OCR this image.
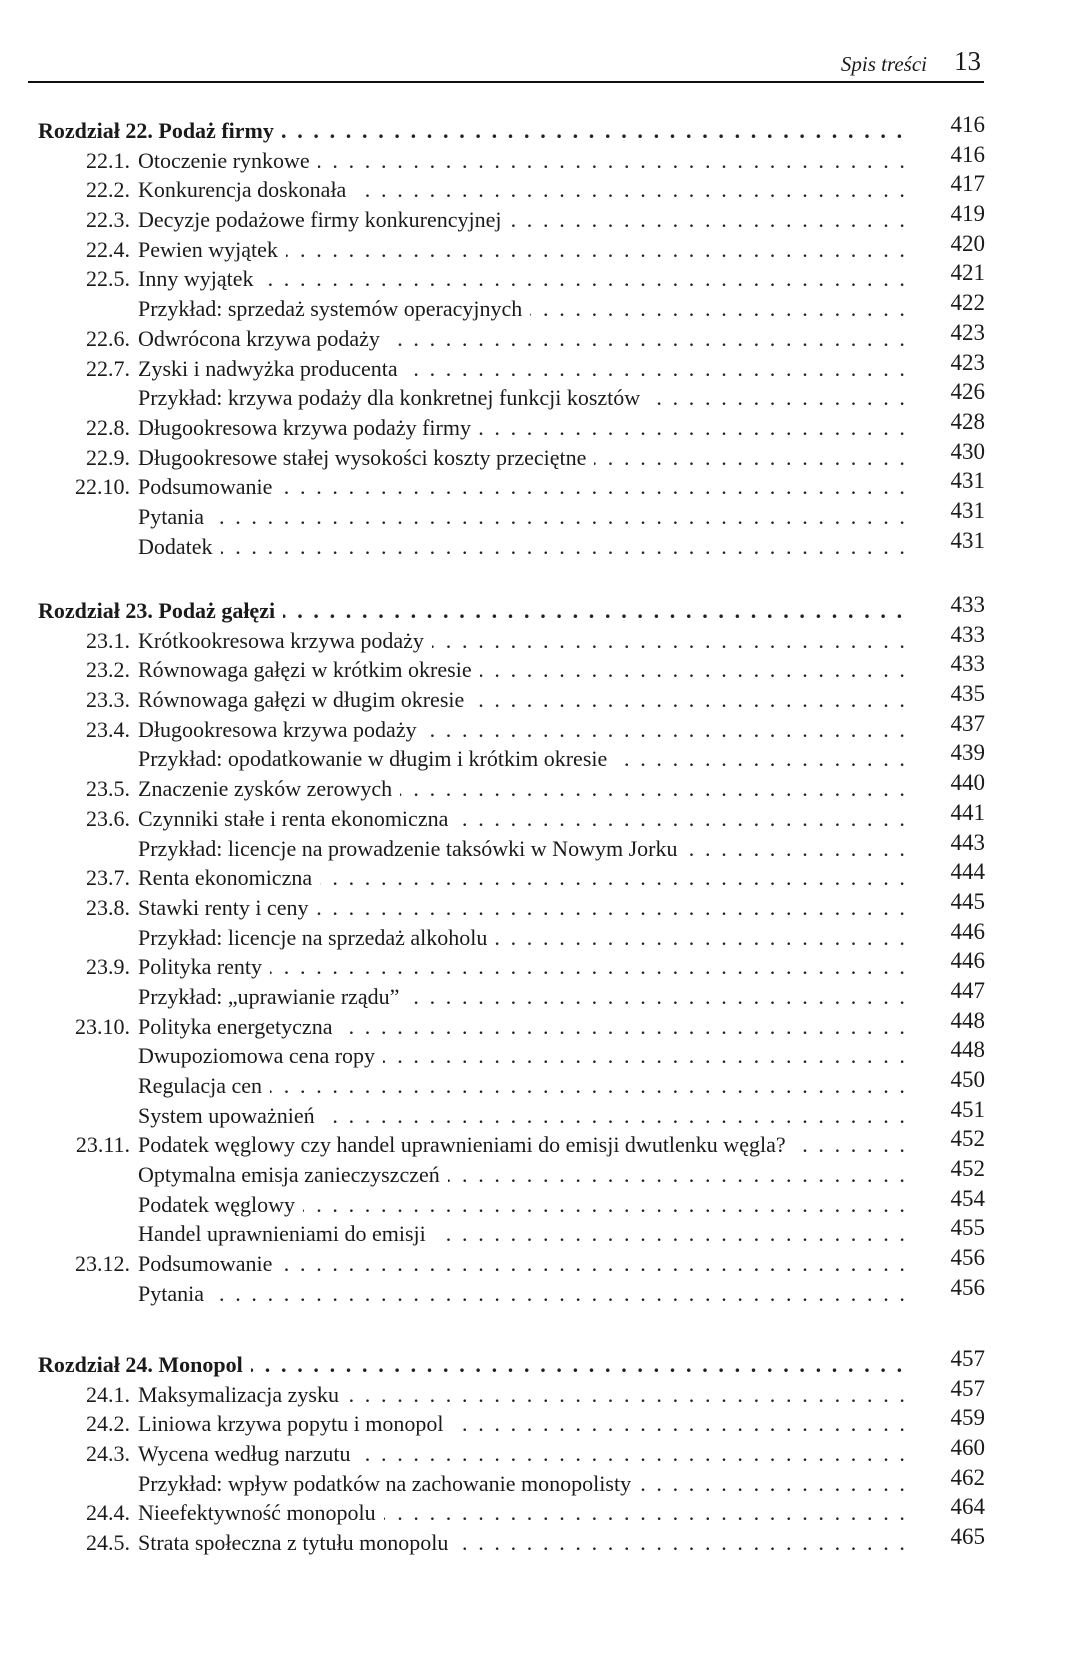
Spis treści 13
. . .
Rozdział 22. Podaż firmy	416
22.1. . . . Otoczenie rynkowe	416
22.2. . . . Konkurencja doskonała	417
22.3. . . . Decyzje podażowe firmy konkurencyjnej	419
22.4. . . . Pewien wyjątek	420
22.5. . . . Inny wyjątek	421
. . .
Przykład: sprzedaż systemów operacyjnych	422
22.6. . . . Odwrócona krzywa podaży	423
22.7. . . . Zyski i nadwyżka producenta	423
. . .
Przykład: krzywa podaży dla konkretnej funkcji kosztów	426
22.8. . . . Długookresowa krzywa podaży firmy	428
22.9. . . . Długookresowe stałej wysokości koszty przeciętne	430
22.10. . . . Podsumowanie	431
. . .
Pytania	431
. . .
Dodatek	431
. . .
Rozdział 23. Podaż gałęzi	433
23.1. . . . Krótkookresowa krzywa podaży	433
23.2. . . . Równowaga gałęzi w krótkim okresie	433
23.3. . . . Równowaga gałęzi w długim okresie	435
23.4. . . . Długookresowa krzywa podaży	437
. . .
Przykład: opodatkowanie w długim i krótkim okresie	439
23.5. . . . Znaczenie zysków zerowych	440
23.6. . . . Czynniki stałe i renta ekonomiczna	441
. . .
Przykład: licencje na prowadzenie taksówki w Nowym Jorku	443
23.7. . . . Renta ekonomiczna	444
23.8. . . . Stawki renty i ceny	445
. . .
Przykład: licencje na sprzedaż alkoholu	446
23.9. . . . Polityka renty	446
. . .
Przykład: „uprawianie rządu”	447
23.10. . . . Polityka energetyczna	448
. . .
Dwupoziomowa cena ropy	448
. . .
Regulacja cen	450
. . .
System upoważnień	451
23.11. . . . Podatek węglowy czy handel uprawnieniami do emisji dwutlenku węgla?	452
. . .
Optymalna emisja zanieczyszczeń	452
. . .
Podatek węglowy	454
. . .
Handel uprawnieniami do emisji	455
23.12. . . . Podsumowanie	456
. . .
Pytania	456
. . .
Rozdział 24. Monopol	457
24.1. . . . Maksymalizacja zysku	457
24.2. . . . Liniowa krzywa popytu i monopol	459
24.3. . . . Wycena według narzutu	460
. . .
Przykład: wpływ podatków na zachowanie monopolisty	462
24.4. . . . Nieefektywność monopolu	464
24.5. . . . Strata społeczna z tytułu monopolu	465
